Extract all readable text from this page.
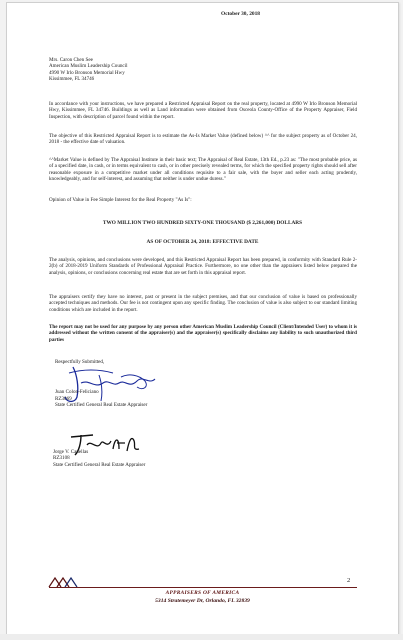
October 30, 2018
Mrs. Caron Chen See
American Muslim Leadership Council
4990 W Irlo Bronson Memorial Hwy
Kissimmee, FL 34746

In accordance with your instructions, we have prepared a Restricted Appraisal Report on the real property, located at 4990 W Irlo Bronson Memorial Hwy, Kissimmee, FL 34746. Buildings as well as Land information were obtained from Osceola County-Office of the Property Appraiser, Field Inspection, with description of parcel found within the report.

The objective of this Restricted Appraisal Report is to estimate the As-Is Market Value (defined below) ^^ for the subject property as of October 24, 2018 - the effective date of valuation.

^^Market Value is defined by The Appraisal Institute in their basic text; The Appraisal of Real Estate, 13th Ed., p.23 as: "The most probable price, as of a specified date, in cash, or in terms equivalent to cash, or in other precisely revealed terms, for which the specified property rights should sell after reasonable exposure in a competitive market under all conditions requisite to a fair sale, with the buyer and seller each acting prudently, knowledgeably, and for self-interest, and assuming that neither is under undue duress."

Opinion of Value in Fee Simple Interest for the Real Property "As Is":

TWO MILLION TWO HUNDRED SIXTY-ONE THOUSAND ($ 2,261,000) DOLLARS
AS OF OCTOBER 24, 2018: EFFECTIVE DATE

The analysis, opinions, and conclusions were developed, and this Restricted Appraisal Report has been prepared, in conformity with Standard Rule 2-2(b) of 2018-2019 Uniform Standards of Professional Appraisal Practice. Furthermore, no one other than the appraisers listed below prepared the analysis, opinions, or conclusions concerning real estate that are set forth in this appraisal report.

The appraisers certify they have no interest, past or present in the subject premises, and that our conclusion of value is based on professionally accepted techniques and methods. Our fee is not contingent upon any specific finding. The conclusion of value is also subject to our standard limiting conditions which are included in the report.

The report may not be used for any purpose by any person other American Muslim Leadership Council (Client/Intended User) to whom it is addressed without the written consent of the appraiser(s) and the appraiser(s) specifically disclaims any liability to such unauthorized third parties

Respectfully Submitted,
Juan Colon-Feliciano
RZ3069
State Certified General Real Estate Appraiser
Jorge V. Canellas
RZ3108
State Certified General Real Estate Appraiser
2
APPRAISERS OF AMERICA
5314 Stratemeyer Dr, Orlando, FL 32839
